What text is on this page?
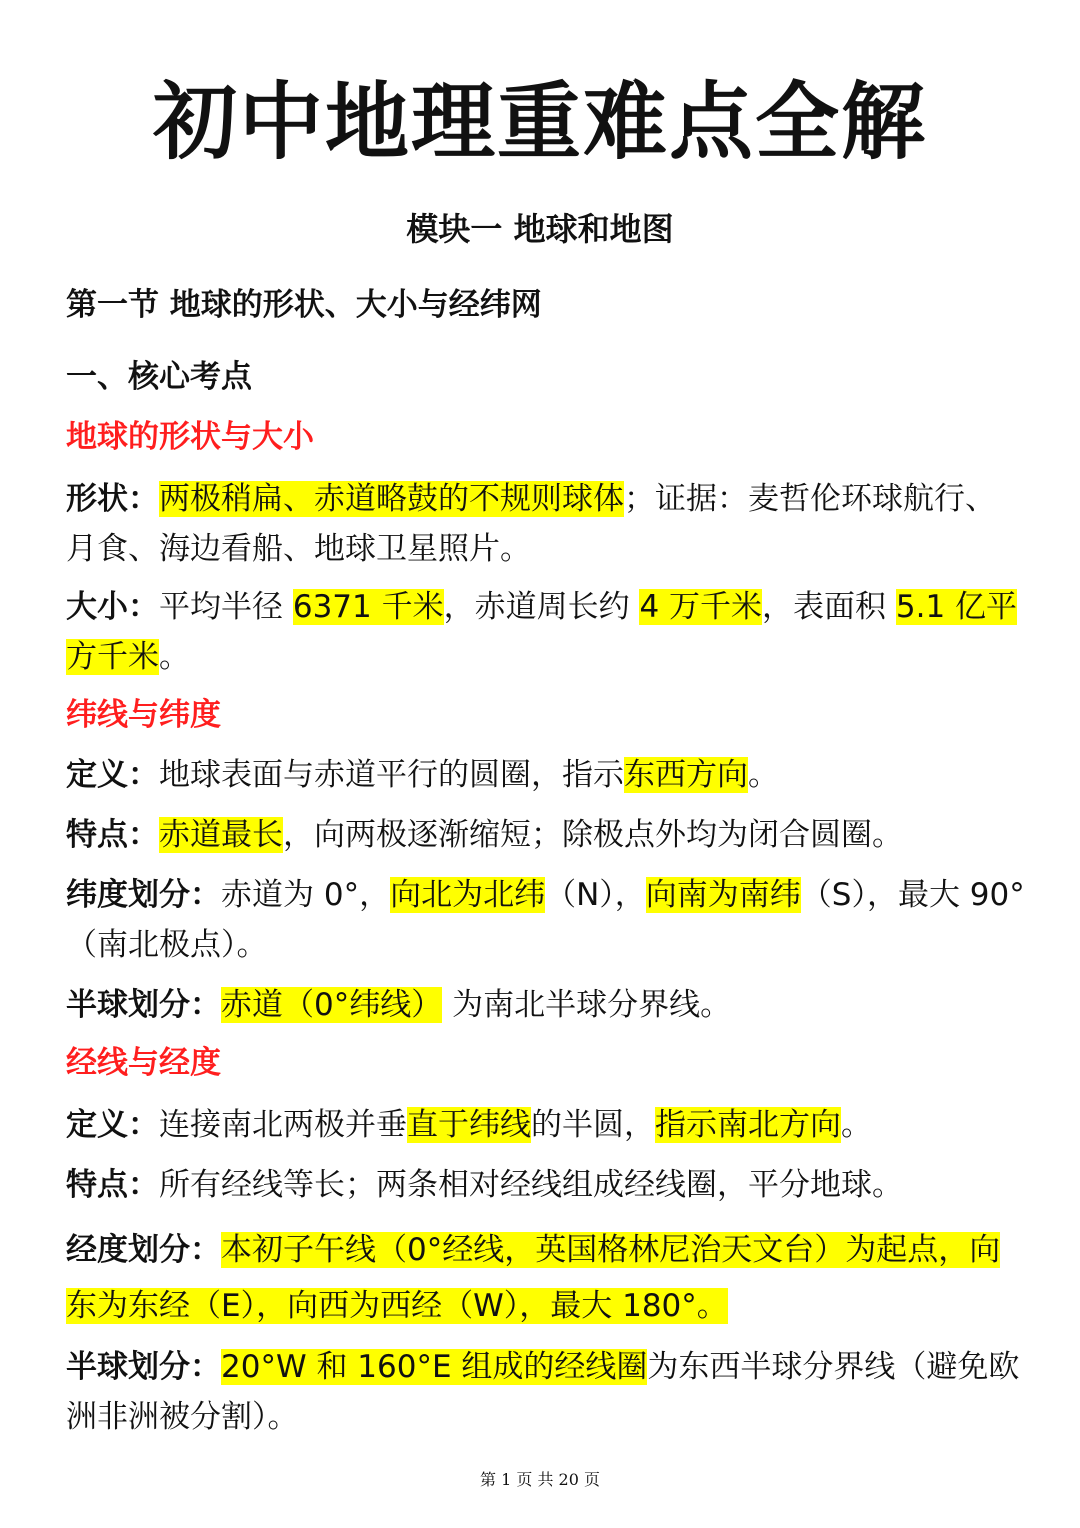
初中地理重难点全解
模块一 地球和地图
第一节 地球的形状、大小与经纬网
一、核心考点
地球的形状与大小
形状：两极稍扁、赤道略鼓的不规则球体；证据：麦哲伦环球航行、月食、海边看船、地球卫星照片。
大小：平均半径 6371 千米，赤道周长约 4 万千米，表面积 5.1 亿平方千米。
纬线与纬度
定义：地球表面与赤道平行的圆圈，指示东西方向。
特点：赤道最长，向两极逐渐缩短；除极点外均为闭合圆圈。
纬度划分：赤道为 0°，向北为北纬（N），向南为南纬（S），最大 90°（南北极点）。
半球划分：赤道（0°纬线） 为南北半球分界线。
经线与经度
定义：连接南北两极并垂直于纬线的半圆，指示南北方向。
特点：所有经线等长；两条相对经线组成经线圈，平分地球。
经度划分：本初子午线（0°经线，英国格林尼治天文台）为起点，向东为东经（E），向西为西经（W），最大 180°。
半球划分：20°W 和 160°E 组成的经线圈为东西半球分界线（避免欧洲非洲被分割）。
第 1 页 共 20 页
